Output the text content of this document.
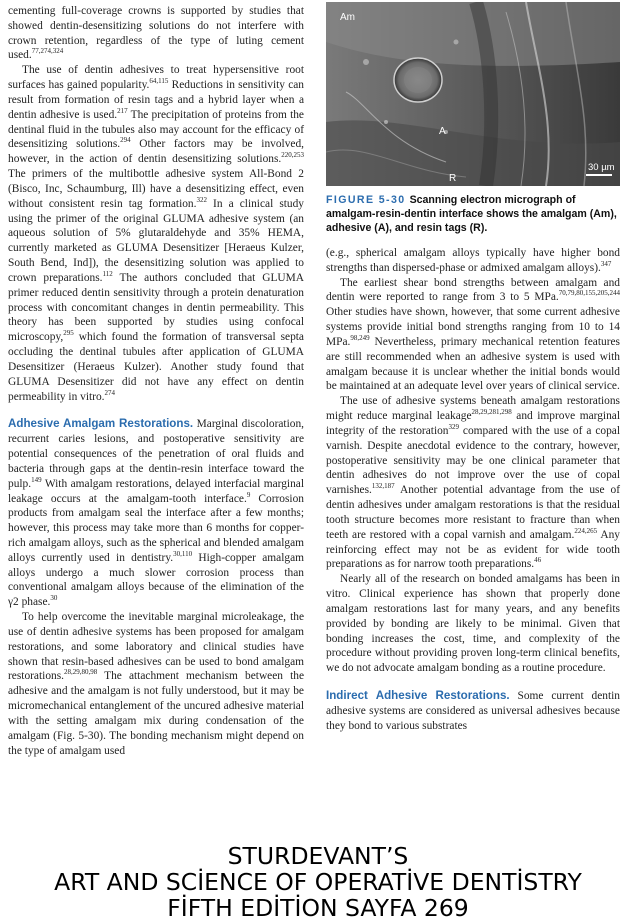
cementing full-coverage crowns is supported by studies that showed dentin-desensitizing solutions do not interfere with crown retention, regardless of the type of luting cement used.$^{77,274,324}$

The use of dentin adhesives to treat hypersensitive root surfaces has gained popularity.$^{64,115}$ Reductions in sensitivity can result from formation of resin tags and a hybrid layer when a dentin adhesive is used.$^{217}$ The precipitation of proteins from the dentinal fluid in the tubules also may account for the efficacy of desensitizing solutions.$^{294}$ Other factors may be involved, however, in the action of dentin desensitizing solutions.$^{220,253}$ The primers of the multibottle adhesive system All-Bond 2 (Bisco, Inc, Schaumburg, Ill) have a desensitizing effect, even without consistent resin tag formation.$^{322}$ In a clinical study using the primer of the original GLUMA adhesive system (an aqueous solution of 5% glutaraldehyde and 35% HEMA, currently marketed as GLUMA Desensitizer [Heraeus Kulzer, South Bend, Ind]), the desensitizing solution was applied to crown preparations.$^{112}$ The authors concluded that GLUMA primer reduced dentin sensitivity through a protein denaturation process with concomitant changes in dentin permeability. This theory has been supported by studies using confocal microscopy,$^{295}$ which found the formation of transversal septa occluding the dentinal tubules after application of GLUMA Desensitizer (Heraeus Kulzer). Another study found that GLUMA Desensitizer did not have any effect on dentin permeability in vitro.$^{274}$

Adhesive Amalgam Restorations. Marginal discoloration, recurrent caries lesions, and postoperative sensitivity are potential consequences of the penetration of oral fluids and bacteria through gaps at the dentin-resin interface toward the pulp.$^{149}$ With amalgam restorations, delayed interfacial marginal leakage occurs at the amalgam-tooth interface.$^9$ Corrosion products from amalgam seal the interface after a few months; however, this process may take more than 6 months for copper-rich amalgam alloys, such as the spherical and blended amalgam alloys currently used in dentistry.$^{30,110}$ High-copper amalgam alloys undergo a much slower corrosion process than conventional amalgam alloys because of the elimination of the γ2 phase.$^{30}$

To help overcome the inevitable marginal microleakage, the use of dentin adhesive systems has been proposed for amalgam restorations, and some laboratory and clinical studies have shown that resin-based adhesives can be used to bond amalgam restorations.$^{28,29,80,98}$ The attachment mechanism between the adhesive and the amalgam is not fully understood, but it may be micromechanical entanglement of the uncured adhesive material with the setting amalgam mix during condensation of the amalgam (Fig. 5-30). The bonding mechanism might depend on the type of amalgam used

Am
A
R
30 µm
FIGURE 5-30 Scanning electron micrograph of amalgam-resin-dentin interface shows the amalgam (Am), adhesive (A), and resin tags (R).

(e.g., spherical amalgam alloys typically have higher bond strengths than dispersed-phase or admixed amalgam alloys).$^{347}$

The earliest shear bond strengths between amalgam and dentin were reported to range from 3 to 5 MPa.$^{70,79,80,155,205,244}$ Other studies have shown, however, that some current adhesive systems provide initial bond strengths ranging from 10 to 14 MPa.$^{98,249}$ Nevertheless, primary mechanical retention features are still recommended when an adhesive system is used with amalgam because it is unclear whether the initial bonds would be maintained at an adequate level over years of clinical service.

The use of adhesive systems beneath amalgam restorations might reduce marginal leakage$^{28,29,281,298}$ and improve marginal integrity of the restoration$^{329}$ compared with the use of a copal varnish. Despite anecdotal evidence to the contrary, however, postoperative sensitivity may be one clinical parameter that dentin adhesives do not improve over the use of copal varnishes.$^{132,187}$ Another potential advantage from the use of dentin adhesives under amalgam restorations is that the residual tooth structure becomes more resistant to fracture than when teeth are restored with a copal varnish and amalgam.$^{224,265}$ Any reinforcing effect may not be as evident for wide tooth preparations as for narrow tooth preparations.$^{46}$

Nearly all of the research on bonded amalgams has been in vitro. Clinical experience has shown that properly done amalgam restorations last for many years, and any benefits provided by bonding are likely to be minimal. Given that bonding increases the cost, time, and complexity of the procedure without providing proven long-term clinical benefits, we do not advocate amalgam bonding as a routine procedure.

Indirect Adhesive Restorations. Some current dentin adhesive systems are considered as universal adhesives because they bond to various substrates

STURDEVANT’S
ART AND SCİENCE OF OPERATİVE DENTİSTRY
FİFTH EDİTİON SAYFA 269
